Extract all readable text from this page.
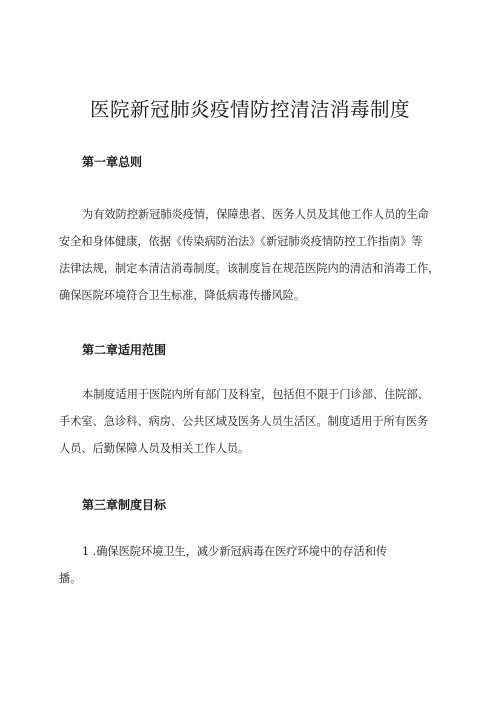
医院新冠肺炎疫情防控清洁消毒制度
第一章总则
为有效防控新冠肺炎疫情，保障患者、医务人员及其他工作人员的生命
安全和身体健康，依据《传染病防治法》《新冠肺炎疫情防控工作指南》等
法律法规，制定本清洁消毒制度。该制度旨在规范医院内的清洁和消毒工作，
确保医院环境符合卫生标准，降低病毒传播风险。
第二章适用范围
本制度适用于医院内所有部门及科室，包括但不限于门诊部、住院部、
手术室、急诊科、病房、公共区域及医务人员生活区。制度适用于所有医务
人员、后勤保障人员及相关工作人员。
第三章制度目标
1 .确保医院环境卫生，减少新冠病毒在医疗环境中的存活和传
播。
